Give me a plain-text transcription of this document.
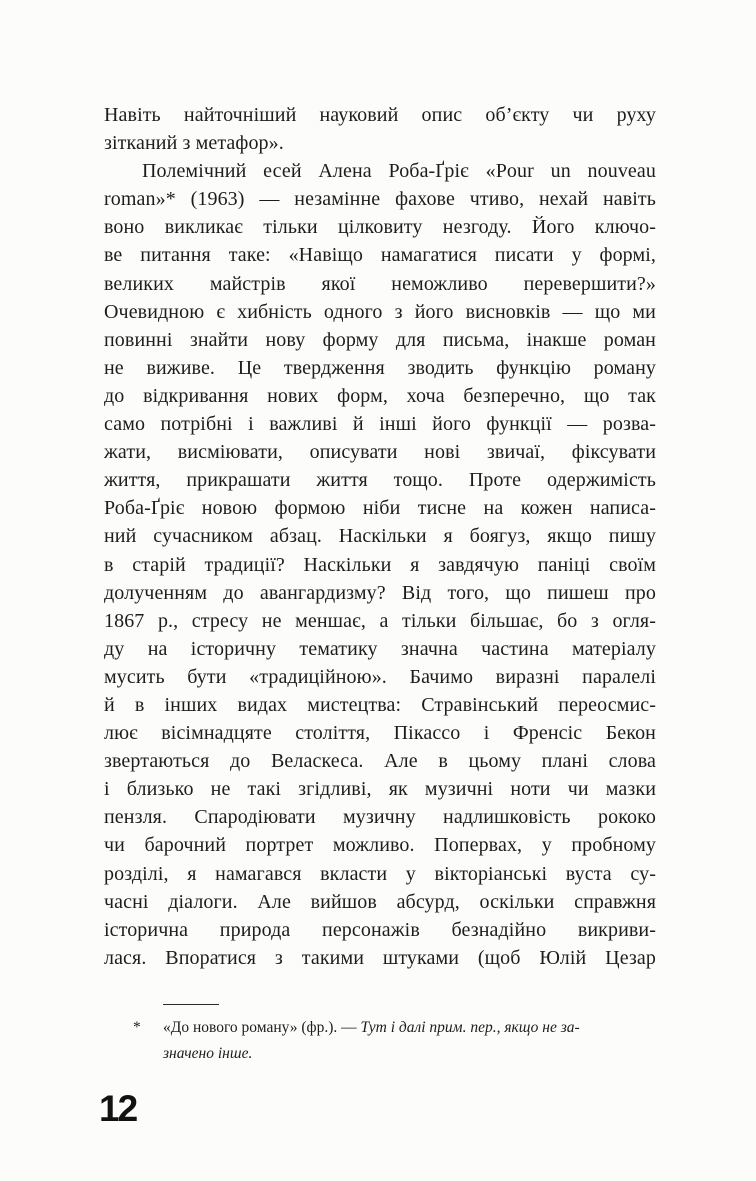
Навіть найточніший науковий опис об’єкту чи руху
зітканий з метафор».
Полемічний есей Алена Роба-Ґріє «Pour un nouveau
roman»* (1963) — незамінне фахове чтиво, нехай навіть
воно викликає тільки цілковиту незгоду. Його ключо-
ве питання таке: «Навіщо намагатися писати у формі,
великих майстрів якої неможливо перевершити?»
Очевидною є хибність одного з його висновків — що ми
повинні знайти нову форму для письма, інакше роман
не виживе. Це твердження зводить функцію роману
до відкривання нових форм, хоча безперечно, що так
само потрібні і важливі й інші його функції — розва-
жати, висміювати, описувати нові звичаї, фіксувати
життя, прикрашати життя тощо. Проте одержимість
Роба-Ґріє новою формою ніби тисне на кожен написа-
ний сучасником абзац. Наскільки я боягуз, якщо пишу
в старій традиції? Наскільки я завдячую паніці своїм
долученням до авангардизму? Від того, що пишеш про
1867 р., стресу не меншає, а тільки більшає, бо з огля-
ду на історичну тематику значна частина матеріалу
мусить бути «традиційною». Бачимо виразні паралелі
й в інших видах мистецтва: Стравінський переосмис-
лює вісімнадцяте століття, Пікассо і Френсіс Бекон
звертаються до Веласкеса. Але в цьому плані слова
і близько не такі згідливі, як музичні ноти чи мазки
пензля. Спародіювати музичну надлишковість рококо
чи барочний портрет можливо. Попервах, у пробному
розділі, я намагався вкласти у вікторіанські вуста су-
часні діалоги. Але вийшов абсурд, оскільки справжня
історична природа персонажів безнадійно викриви-
лася. Впоратися з такими штуками (щоб Юлій Цезар
*	«До нового роману» (фр.). — Тут і далі прим. пер., якщо не за-
значено інше.
12
